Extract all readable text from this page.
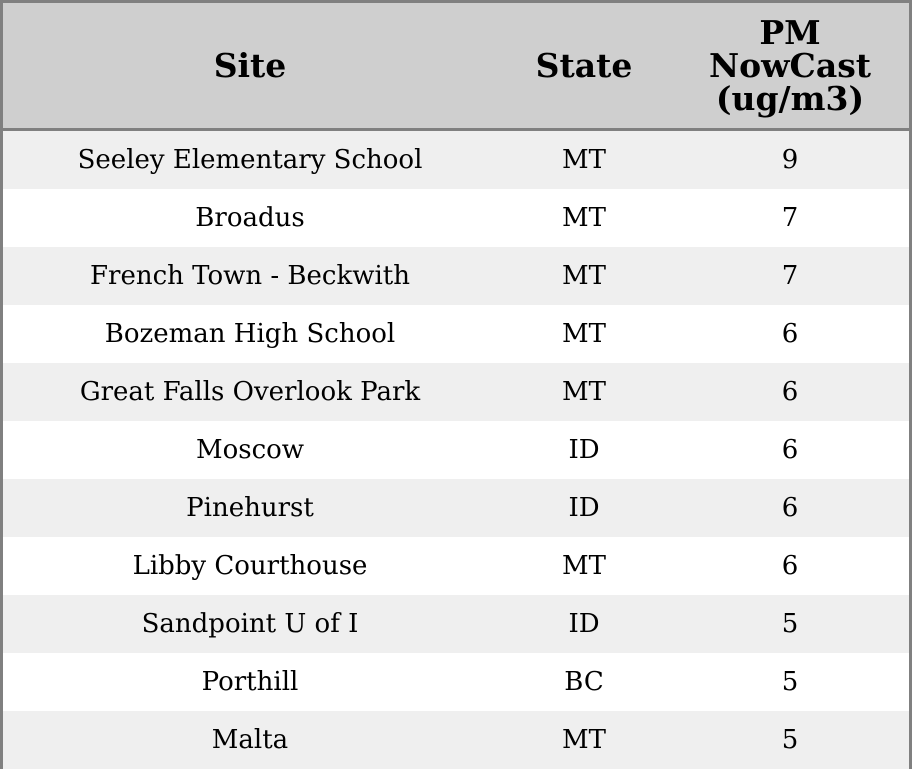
Site	State	PM
NowCast
(ug/m3)

Seeley Elementary School	MT	9
Broadus	MT	7
French Town - Beckwith	MT	7
Bozeman High School	MT	6
Great Falls Overlook Park	MT	6
Moscow	ID	6
Pinehurst	ID	6
Libby Courthouse	MT	6
Sandpoint U of I	ID	5
Porthill	BC	5
Malta	MT	5
